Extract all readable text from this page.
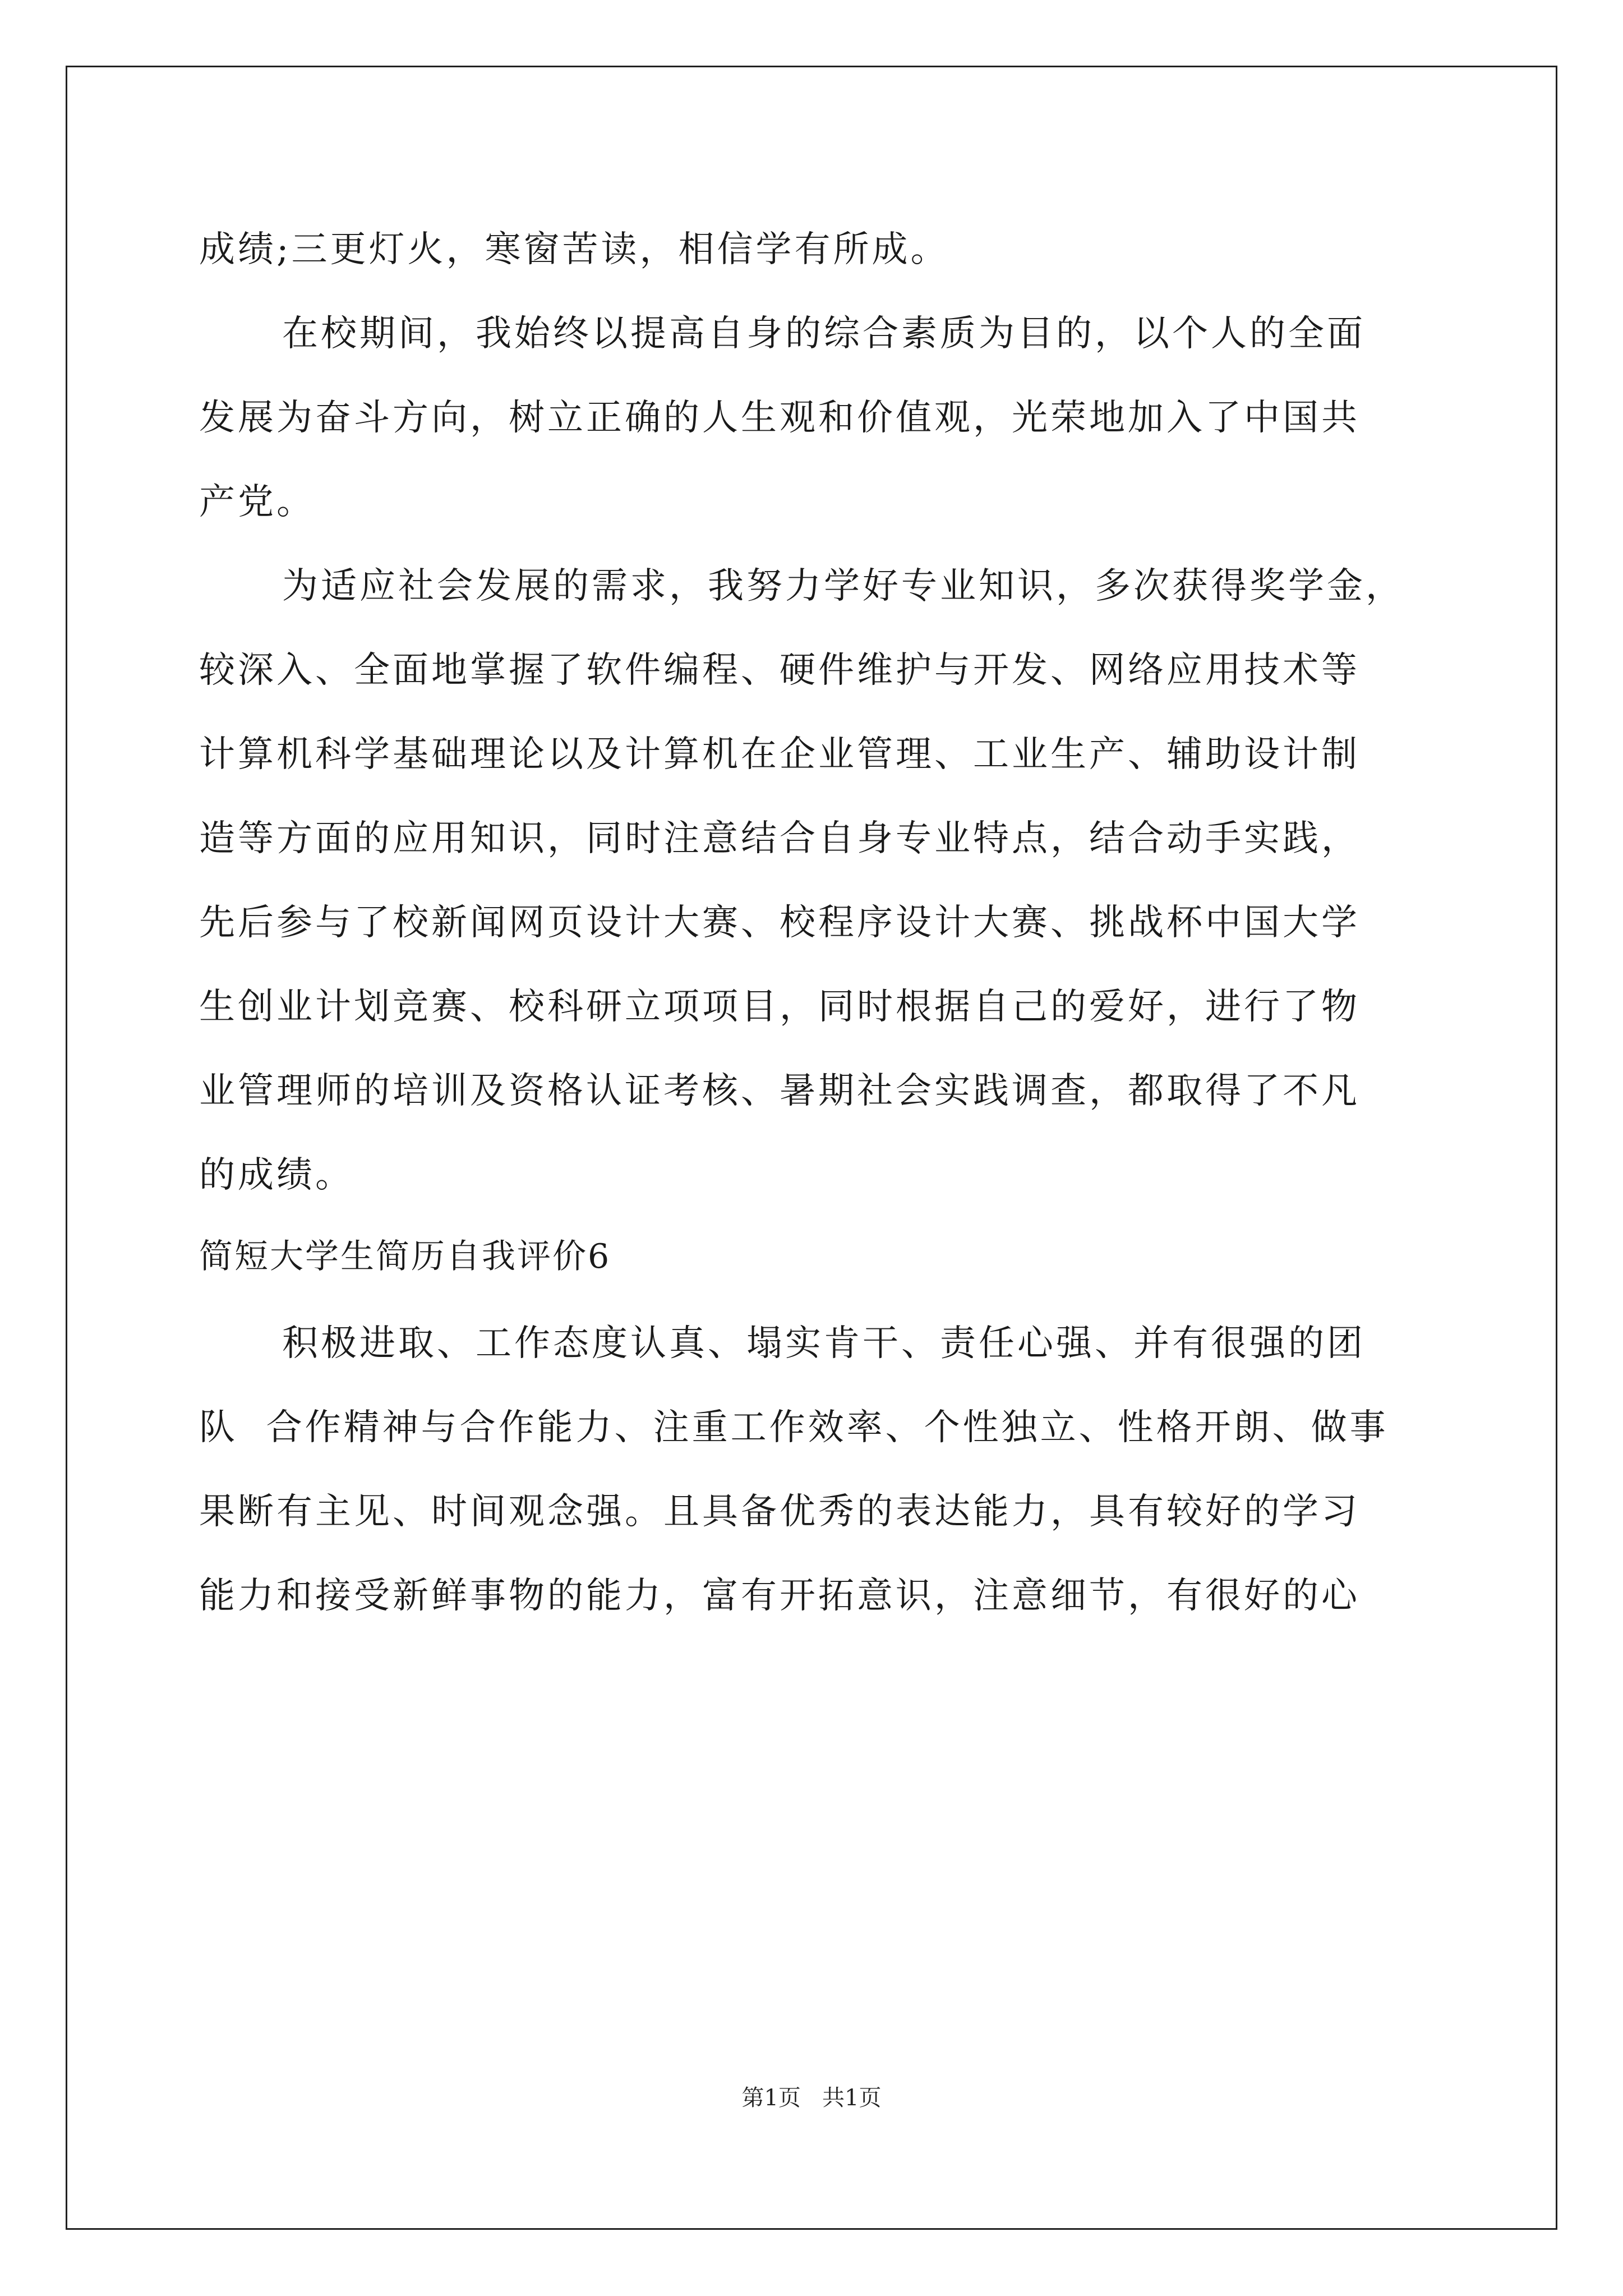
成绩;三更灯火，寒窗苦读，相信学有所成。
在校期间，我始终以提高自身的综合素质为目的，以个人的全面
发展为奋斗方向，树立正确的人生观和价值观，光荣地加入了中国共
产党。
为适应社会发展的需求，我努力学好专业知识，多次获得奖学金，
较深入、全面地掌握了软件编程、硬件维护与开发、网络应用技术等
计算机科学基础理论以及计算机在企业管理、工业生产、辅助设计制
造等方面的应用知识，同时注意结合自身专业特点，结合动手实践，
先后参与了校新闻网页设计大赛、校程序设计大赛、挑战杯中国大学
生创业计划竞赛、校科研立项项目，同时根据自己的爱好，进行了物
业管理师的培训及资格认证考核、暑期社会实践调查，都取得了不凡
的成绩。
简短大学生简历自我评价6
积极进取、工作态度认真、塌实肯干、责任心强、并有很强的团
队  合作精神与合作能力、注重工作效率、个性独立、性格开朗、做事
果断有主见、时间观念强。且具备优秀的表达能力，具有较好的学习
能力和接受新鲜事物的能力，富有开拓意识，注意细节，有很好的心
第1页   共1页
